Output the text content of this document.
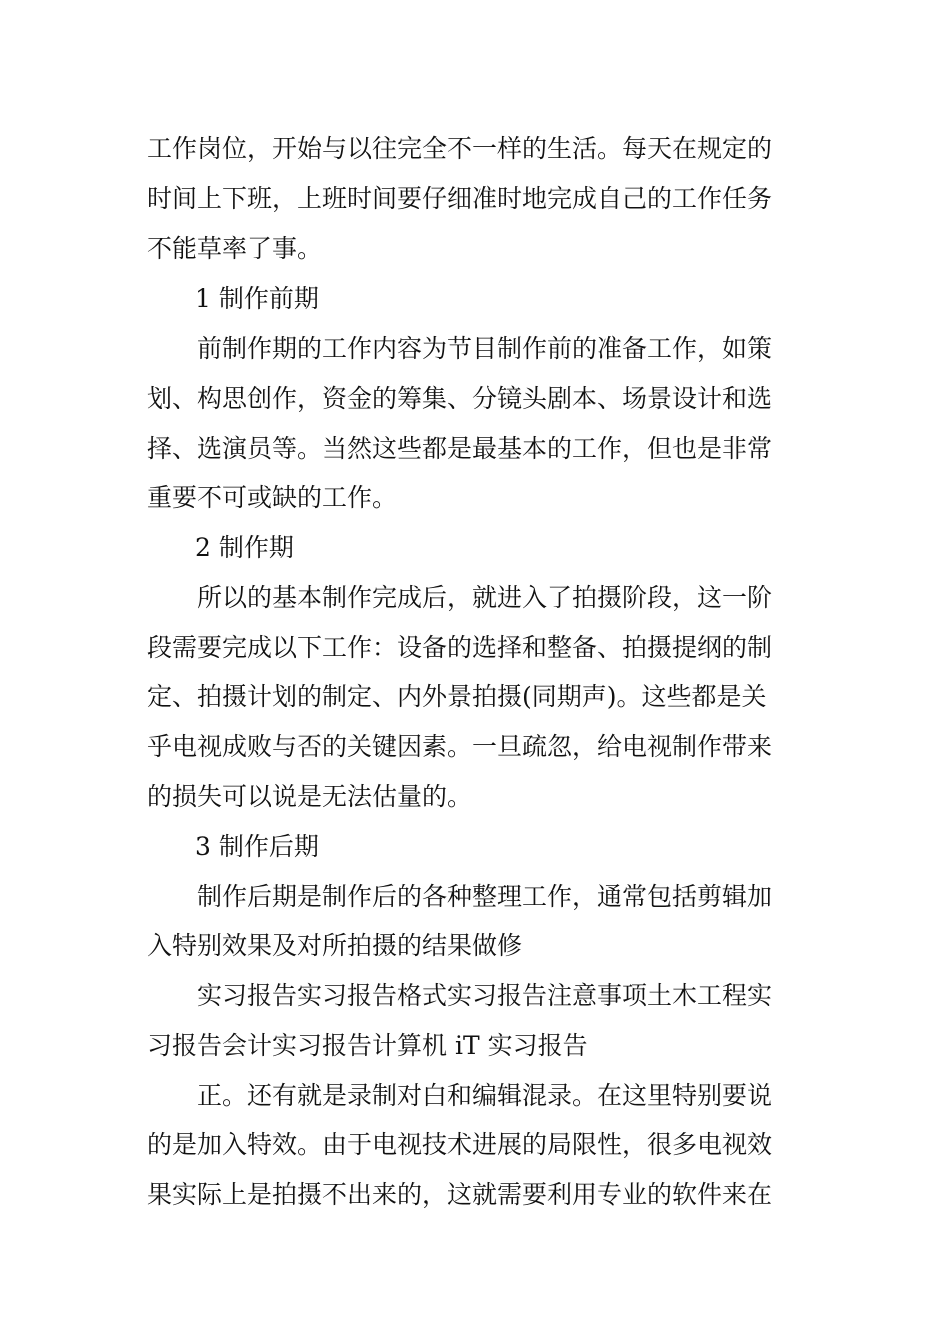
工作岗位，开始与以往完全不一样的生活。每天在规定的
时间上下班，上班时间要仔细准时地完成自己的工作任务
不能草率了事。
1 制作前期
前制作期的工作内容为节目制作前的准备工作，如策
划、构思创作，资金的筹集、分镜头剧本、场景设计和选
择、选演员等。当然这些都是最基本的工作，但也是非常
重要不可或缺的工作。
2 制作期
所以的基本制作完成后，就进入了拍摄阶段，这一阶
段需要完成以下工作：设备的选择和整备、拍摄提纲的制
定、拍摄计划的制定、内外景拍摄(同期声)。这些都是关
乎电视成败与否的关键因素。一旦疏忽，给电视制作带来
的损失可以说是无法估量的。
3 制作后期
制作后期是制作后的各种整理工作，通常包括剪辑加
入特别效果及对所拍摄的结果做修
实习报告实习报告格式实习报告注意事项土木工程实
习报告会计实习报告计算机 iT 实习报告
正。还有就是录制对白和编辑混录。在这里特别要说
的是加入特效。由于电视技术进展的局限性，很多电视效
果实际上是拍摄不出来的，这就需要利用专业的软件来在
